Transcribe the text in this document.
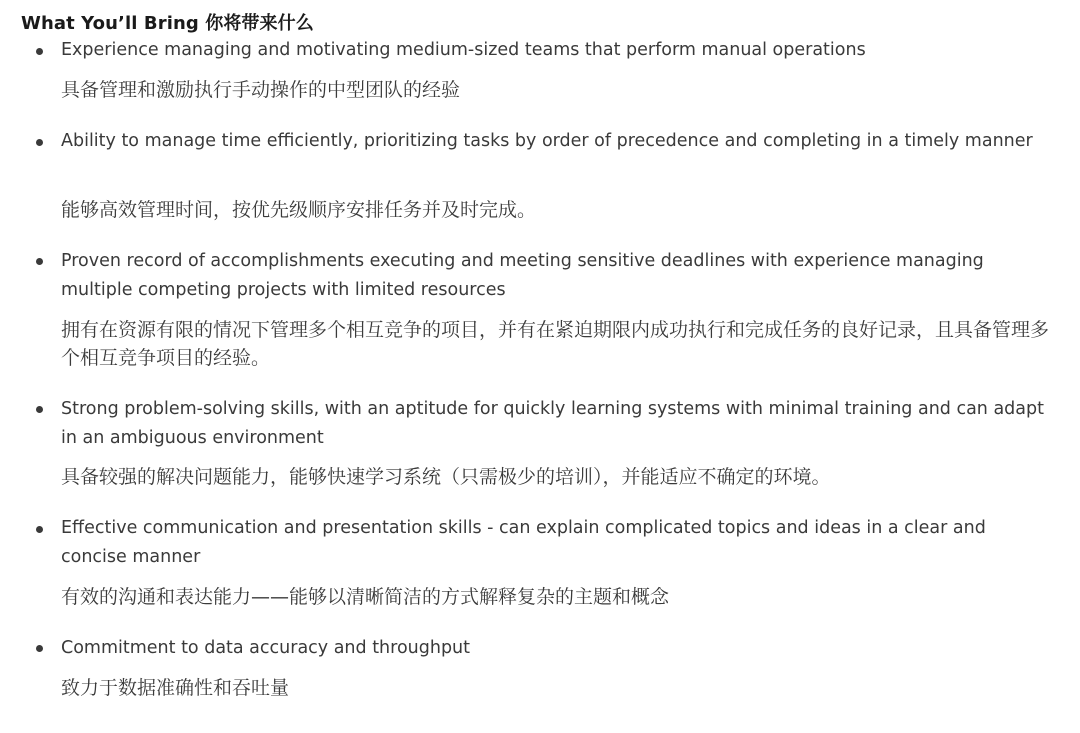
What You’ll Bring 你将带来什么
Experience managing and motivating medium-sized teams that perform manual operations
具备管理和激励执行手动操作的中型团队的经验
Ability to manage time efficiently, prioritizing tasks by order of precedence and completing in a timely manner
能够高效管理时间，按优先级顺序安排任务并及时完成。
Proven record of accomplishments executing and meeting sensitive deadlines with experience managing multiple competing projects with limited resources
拥有在资源有限的情况下管理多个相互竞争的项目，并有在紧迫期限内成功执行和完成任务的良好记录，且具备管理多个相互竞争项目的经验。
Strong problem-solving skills, with an aptitude for quickly learning systems with minimal training and can adapt in an ambiguous environment
具备较强的解决问题能力，能够快速学习系统（只需极少的培训），并能适应不确定的环境。
Effective communication and presentation skills - can explain complicated topics and ideas in a clear and concise manner
有效的沟通和表达能力——能够以清晰简洁的方式解释复杂的主题和概念
Commitment to data accuracy and throughput
致力于数据准确性和吞吐量
